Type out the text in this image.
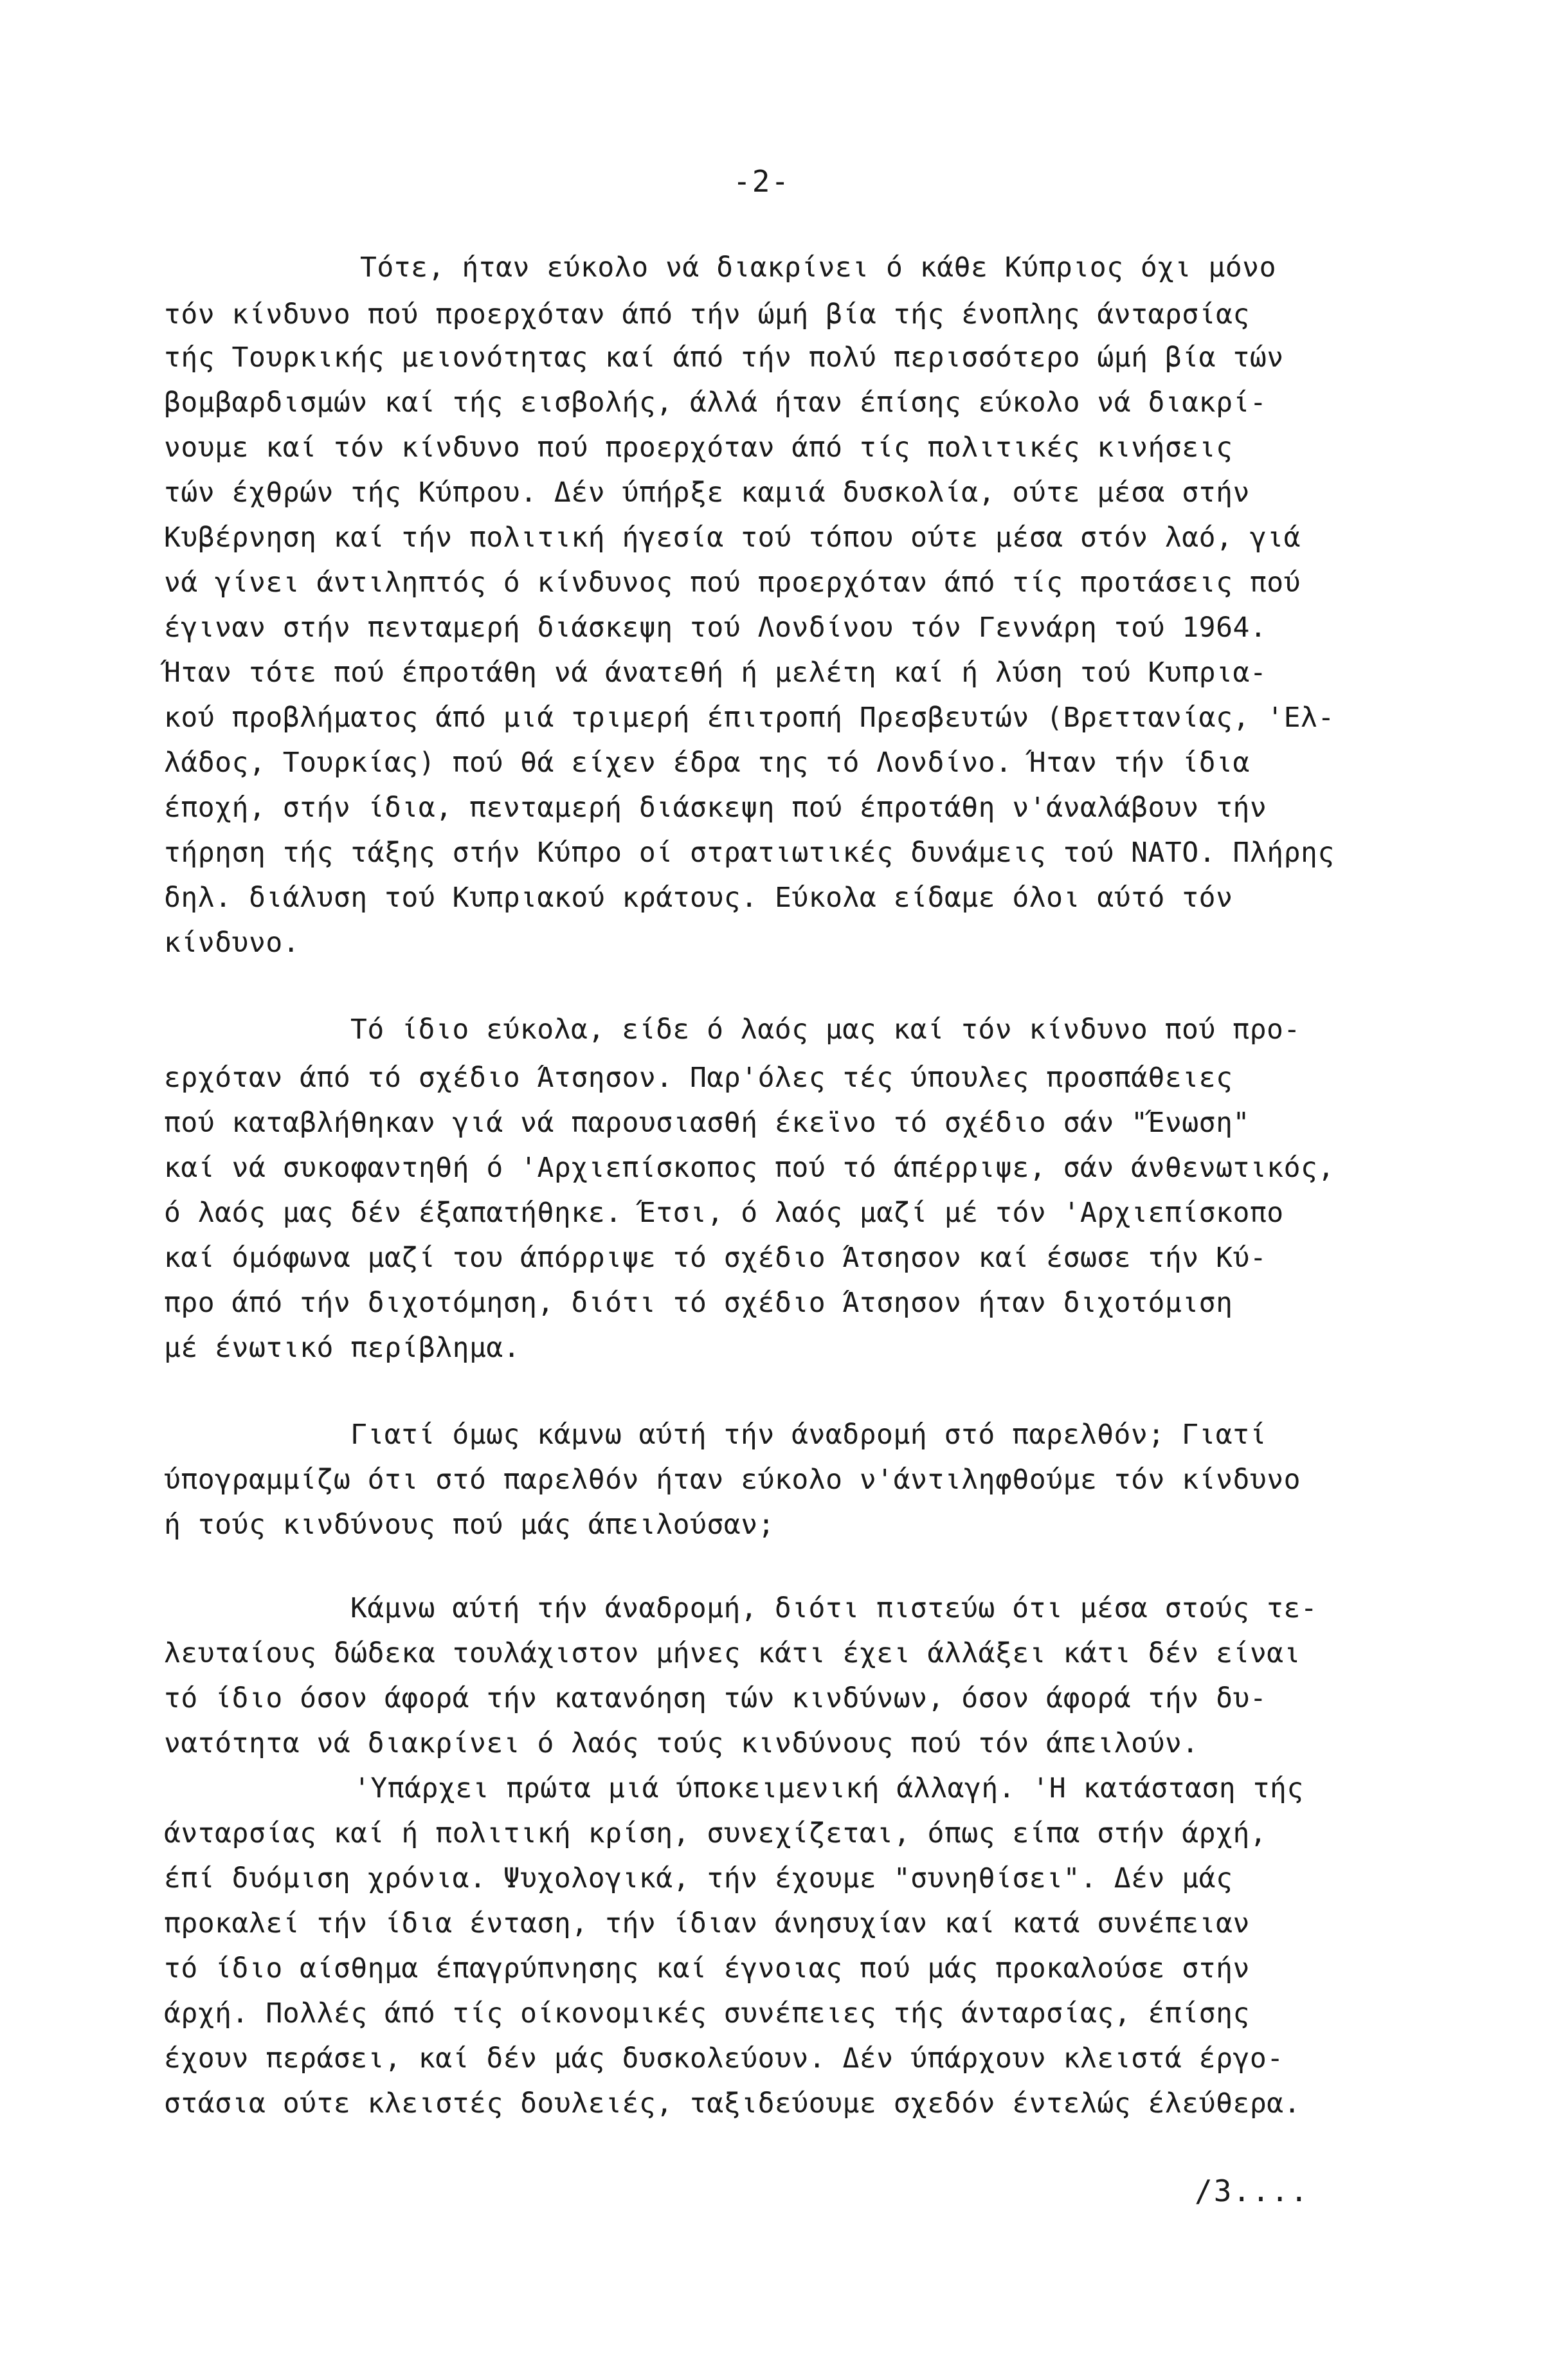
-2-
Τότε, ήταν εύκολο νά διακρίνει ό κάθε Κύπριος όχι μόνο
τόν κίνδυνο πού προερχόταν άπό τήν ώμή βία τής ένοπλης άνταρσίας
τής Τουρκικής μειονότητας καί άπό τήν πολύ περισσότερο ώμή βία τών
βομβαρδισμών καί τής εισβολής, άλλά ήταν έπίσης εύκολο νά διακρί-
νουμε καί τόν κίνδυνο πού προερχόταν άπό τίς πολιτικές κινήσεις
τών έχθρών τής Κύπρου. Δέν ύπήρξε καμιά δυσκολία, ούτε μέσα στήν
Κυβέρνηση καί τήν πολιτική ήγεσία τού τόπου ούτε μέσα στόν λαό, γιά
νά γίνει άντιληπτός ό κίνδυνος πού προερχόταν άπό τίς προτάσεις πού
έγιναν στήν πενταμερή διάσκεψη τού Λονδίνου τόν Γεννάρη τού 1964.
Ήταν τότε πού έπροτάθη νά άνατεθή ή μελέτη καί ή λύση τού Κυπρια-
κού προβλήματος άπό μιά τριμερή έπιτροπή Πρεσβευτών (Βρεττανίας, 'Ελ-
λάδος, Τουρκίας) πού θά είχεν έδρα της τό Λονδίνο. Ήταν τήν ίδια
έποχή, στήν ίδια, πενταμερή διάσκεψη πού έπροτάθη ν'άναλάβουν τήν
τήρηση τής τάξης στήν Κύπρο οί στρατιωτικές δυνάμεις τού ΝΑΤΟ. Πλήρης
δηλ. διάλυση τού Κυπριακού κράτους. Εύκολα είδαμε όλοι αύτό τόν
κίνδυνο.
Τό ίδιο εύκολα, είδε ό λαός μας καί τόν κίνδυνο πού προ-
ερχόταν άπό τό σχέδιο Άτσησον. Παρ'όλες τές ύπουλες προσπάθειες
πού καταβλήθηκαν γιά νά παρουσιασθή έκεϊνο τό σχέδιο σάν "Ένωση"
καί νά συκοφαντηθή ό 'Αρχιεπίσκοπος πού τό άπέρριψε, σάν άνθενωτικός,
ό λαός μας δέν έξαπατήθηκε. Έτσι, ό λαός μαζί μέ τόν 'Αρχιεπίσκοπο
καί όμόφωνα μαζί του άπόρριψε τό σχέδιο Άτσησον καί έσωσε τήν Κύ-
προ άπό τήν διχοτόμηση, διότι τό σχέδιο Άτσησον ήταν διχοτόμιση
μέ ένωτικό περίβλημα.
Γιατί όμως κάμνω αύτή τήν άναδρομή στό παρελθόν; Γιατί
ύπογραμμίζω ότι στό παρελθόν ήταν εύκολο ν'άντιληφθούμε τόν κίνδυνο
ή τούς κινδύνους πού μάς άπειλούσαν;
Κάμνω αύτή τήν άναδρομή, διότι πιστεύω ότι μέσα στούς τε-
λευταίους δώδεκα τουλάχιστον μήνες κάτι έχει άλλάξει κάτι δέν είναι
τό ίδιο όσον άφορά τήν κατανόηση τών κινδύνων, όσον άφορά τήν δυ-
νατότητα νά διακρίνει ό λαός τούς κινδύνους πού τόν άπειλούν.
'Υπάρχει πρώτα μιά ύποκειμενική άλλαγή. 'Η κατάσταση τής
άνταρσίας καί ή πολιτική κρίση, συνεχίζεται, όπως είπα στήν άρχή,
έπί δυόμιση χρόνια. Ψυχολογικά, τήν έχουμε "συνηθίσει". Δέν μάς
προκαλεί τήν ίδια ένταση, τήν ίδιαν άνησυχίαν καί κατά συνέπειαν
τό ίδιο αίσθημα έπαγρύπνησης καί έγνοιας πού μάς προκαλούσε στήν
άρχή. Πολλές άπό τίς οίκονομικές συνέπειες τής άνταρσίας, έπίσης
έχουν περάσει, καί δέν μάς δυσκολεύουν. Δέν ύπάρχουν κλειστά έργο-
στάσια ούτε κλειστές δουλειές, ταξιδεύουμε σχεδόν έντελώς έλεύθερα.
/3....
